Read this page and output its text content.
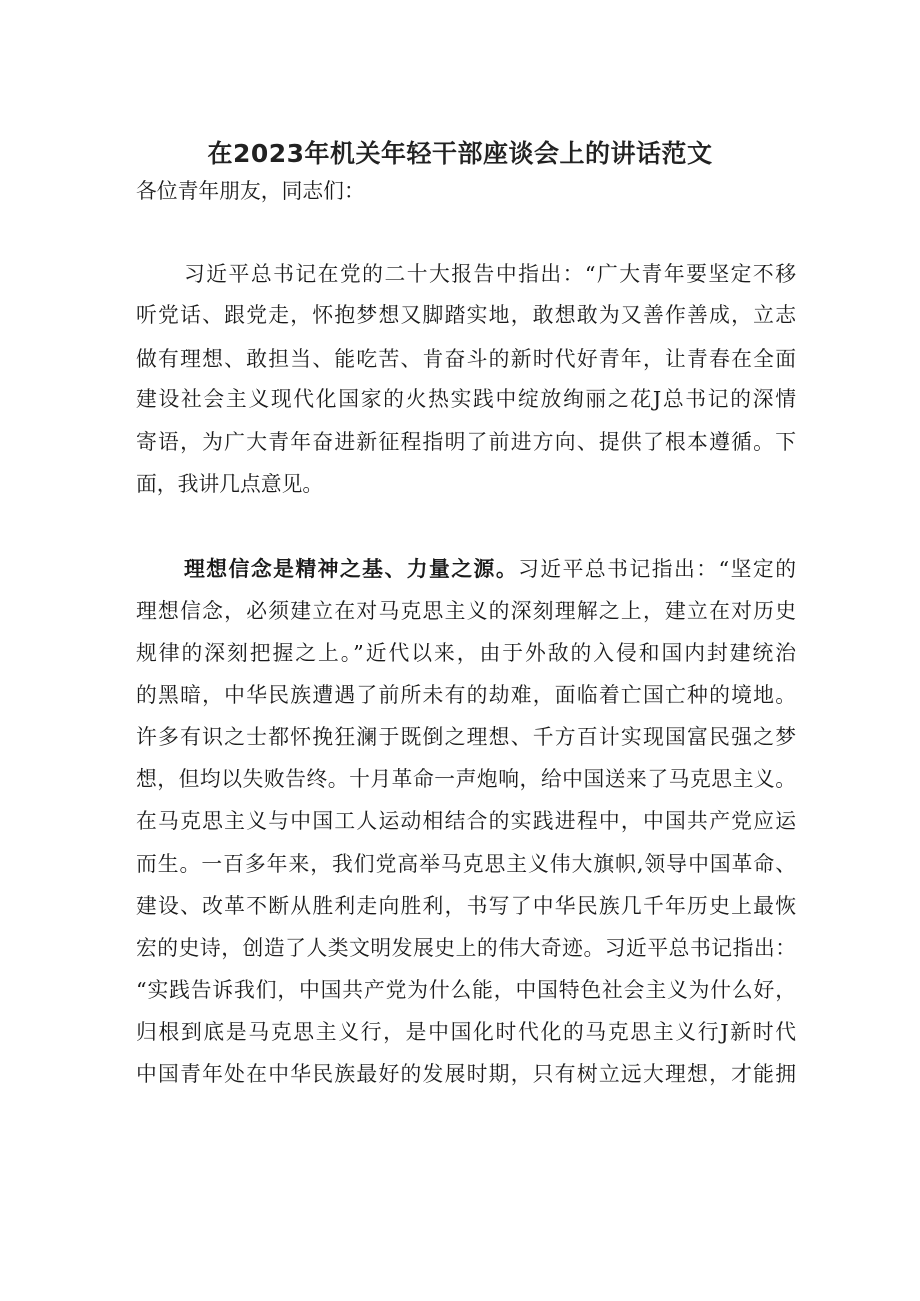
在2023年机关年轻干部座谈会上的讲话范文
各位青年朋友，同志们：
习近平总书记在党的二十大报告中指出：“广大青年要坚定不移
听党话、跟党走，怀抱梦想又脚踏实地，敢想敢为又善作善成，立志
做有理想、敢担当、能吃苦、肯奋斗的新时代好青年，让青春在全面
建设社会主义现代化国家的火热实践中绽放绚丽之花J总书记的深情
寄语，为广大青年奋进新征程指明了前进方向、提供了根本遵循。下
面，我讲几点意见。
理想信念是精神之基、力量之源。习近平总书记指出：“坚定的
理想信念，必须建立在对马克思主义的深刻理解之上，建立在对历史
规律的深刻把握之上。”近代以来，由于外敌的入侵和国内封建统治
的黑暗，中华民族遭遇了前所未有的劫难，面临着亡国亡种的境地。
许多有识之士都怀挽狂澜于既倒之理想、千方百计实现国富民强之梦
想，但均以失败告终。十月革命一声炮响，给中国送来了马克思主义。
在马克思主义与中国工人运动相结合的实践进程中，中国共产党应运
而生。一百多年来，我们党高举马克思主义伟大旗帜,领导中国革命、
建设、改革不断从胜利走向胜利，书写了中华民族几千年历史上最恢
宏的史诗，创造了人类文明发展史上的伟大奇迹。习近平总书记指出：
“实践告诉我们，中国共产党为什么能，中国特色社会主义为什么好，
归根到底是马克思主义行，是中国化时代化的马克思主义行J新时代
中国青年处在中华民族最好的发展时期，只有树立远大理想，才能拥
